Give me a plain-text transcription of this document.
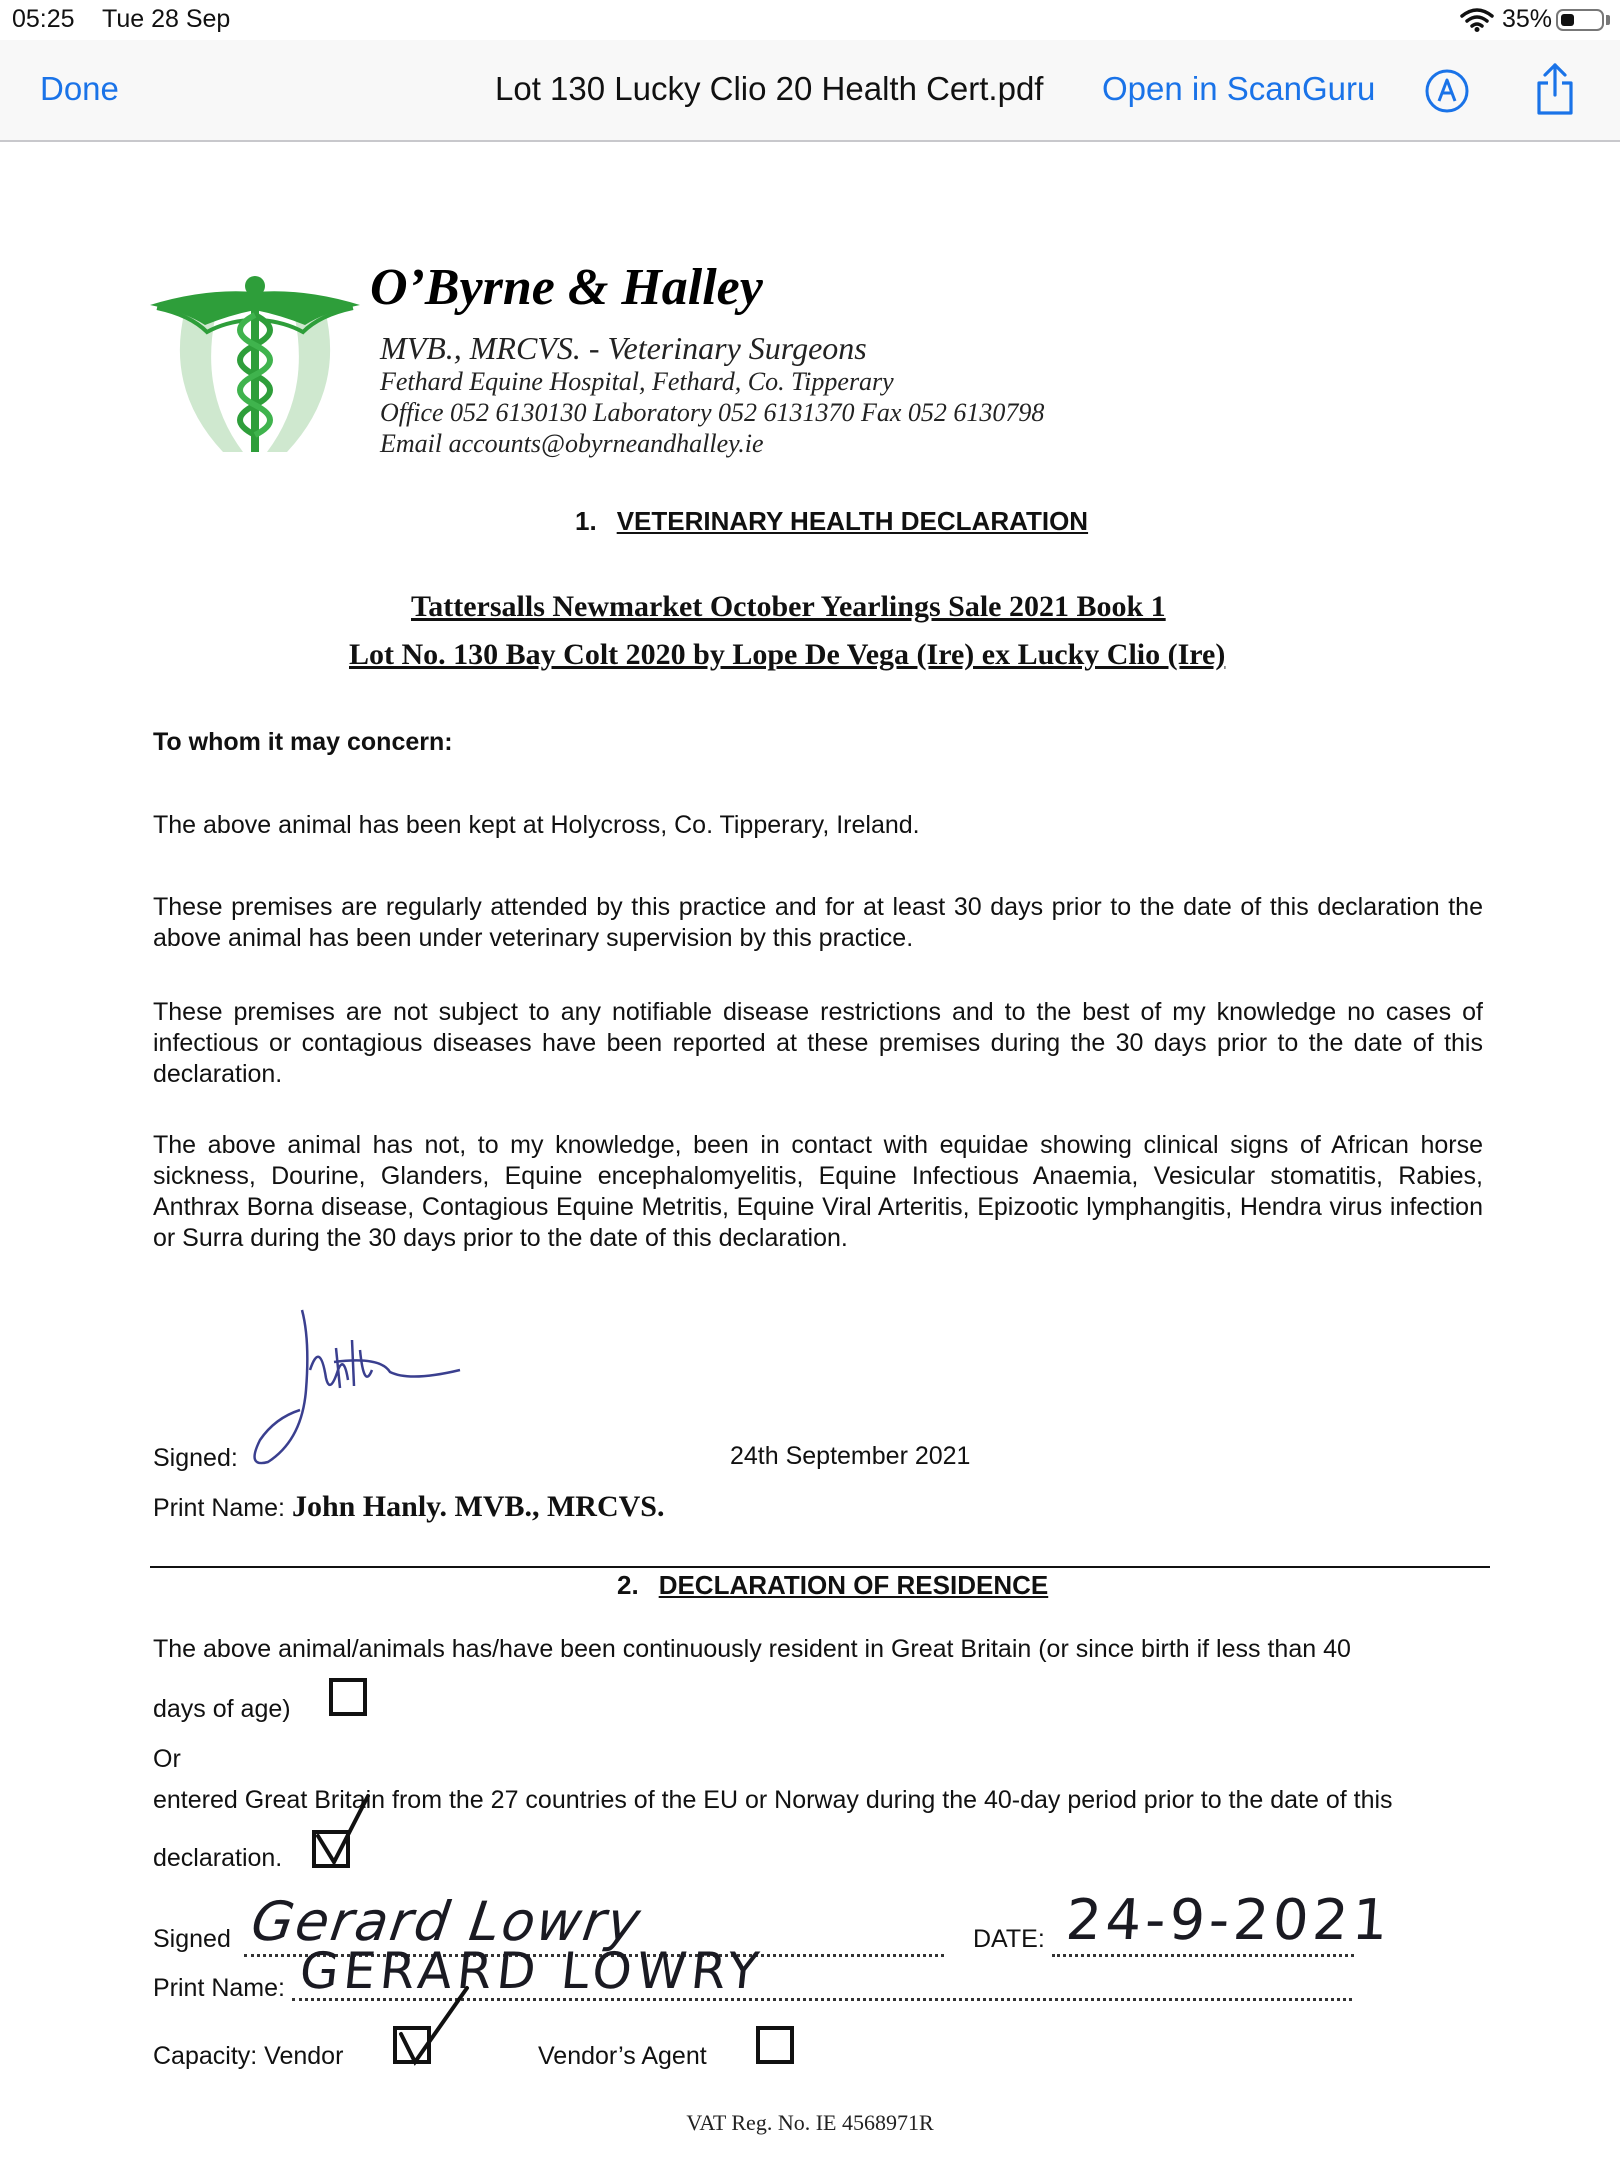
05:25 Tue 28 Sep	35%
Done	Lot 130 Lucky Clio 20 Health Cert.pdf Open in ScanGuru
O’Byrne & Halley
MVB., MRCVS. - Veterinary Surgeons
Fethard Equine Hospital, Fethard, Co. Tipperary
Office 052 6130130 Laboratory 052 6131370 Fax 052 6130798
Email accounts@obyrneandhalley.ie
1. VETERINARY HEALTH DECLARATION
Tattersalls Newmarket October Yearlings Sale 2021 Book 1
Lot No. 130 Bay Colt 2020 by Lope De Vega (Ire) ex Lucky Clio (Ire)
To whom it may concern:
The above animal has been kept at Holycross, Co. Tipperary, Ireland.
These premises are regularly attended by this practice and for at least 30 days prior to the date of this declaration the above animal has been under veterinary supervision by this practice.
These premises are not subject to any notifiable disease restrictions and to the best of my knowledge no cases of infectious or contagious diseases have been reported at these premises during the 30 days prior to the date of this declaration.
The above animal has not, to my knowledge, been in contact with equidae showing clinical signs of African horse sickness, Dourine, Glanders, Equine encephalomyelitis, Equine Infectious Anaemia, Vesicular stomatitis, Rabies, Anthrax Borna disease, Contagious Equine Metritis, Equine Viral Arteritis, Epizootic lymphangitis, Hendra virus infection or Surra during the 30 days prior to the date of this declaration.
Signed:	24th September 2021
Print Name: John Hanly. MVB., MRCVS.
2. DECLARATION OF RESIDENCE
The above animal/animals has/have been continuously resident in Great Britain (or since birth if less than 40
days of age)
Or
entered Great Britain from the 27 countries of the EU or Norway during the 40-day period prior to the date of this
declaration.
Signed Gerard Lowry	DATE: 24-9-2021
Print Name: GERARD LOWRY
Capacity: Vendor	Vendor’s Agent
VAT Reg. No. IE 4568971R
